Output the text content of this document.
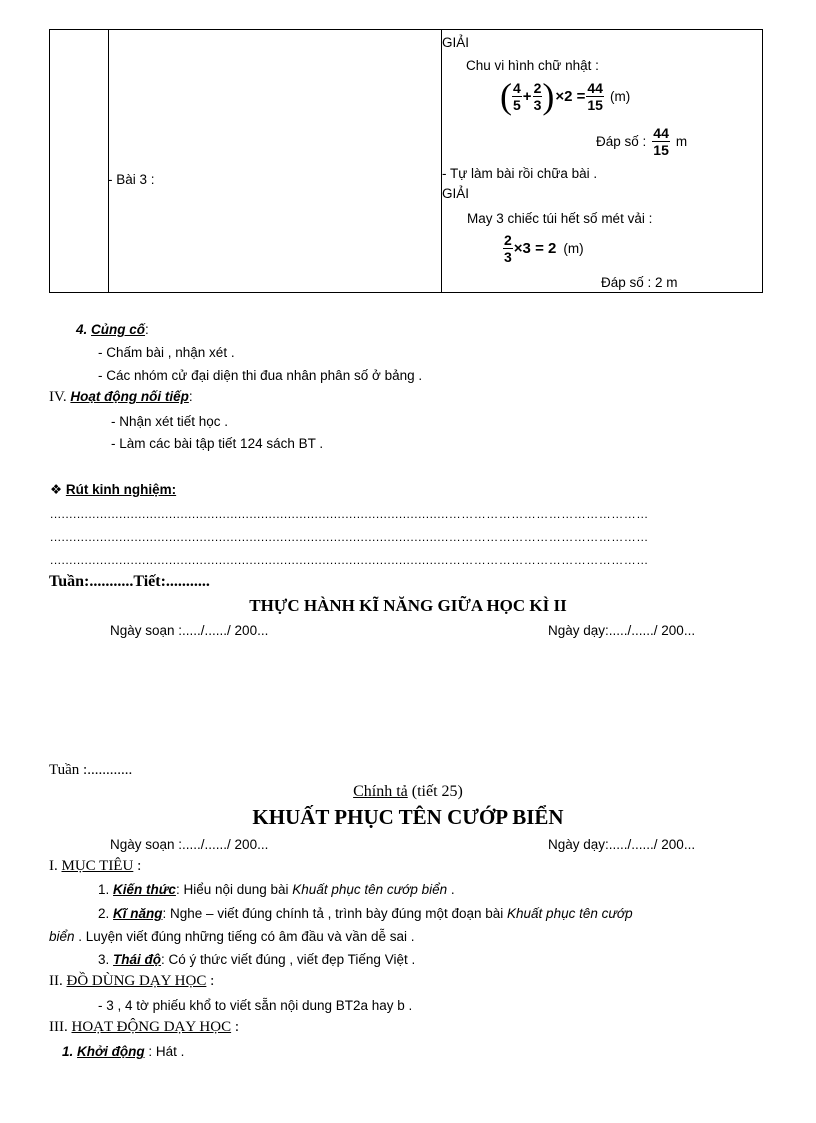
- Bài 3 :
GIẢI
Chu vi hình chữ nhật :
( $\frac{4}{5} + \frac{2}{3}$ ) $\times 2 = \frac{44}{15} (m)$
Đáp số : $\frac{44}{15}$ m
- Tự làm bài rồi chữa bài .
GIẢI
May 3 chiếc túi hết số mét vải :
$\frac{2}{3} \times 3 = 2$ (m)
Đáp số : 2 m
4. Củng cố:
- Chấm bài , nhận xét .
- Các nhóm cử đại diện thi đua nhân phân số ở bảng .
IV. Hoạt động nối tiếp:
- Nhận xét tiết học .
- Làm các bài tập tiết 124 sách BT .
❖ Rút kinh nghiệm:
........................................................................................................…………………………………………
........................................................................................................…………………………………………
........................................................................................................…………………………………………
Tuần:...........Tiết:...........
THỰC HÀNH KĨ NĂNG GIỮA HỌC KÌ II
Ngày soạn :...../....../ 200...	Ngày dạy:...../....../ 200...
Tuần :............
Chính tả (tiết 25)
KHUẤT PHỤC TÊN CƯỚP BIỂN
Ngày soạn :...../....../ 200...	Ngày dạy:...../....../ 200...
I. MỤC TIÊU :
1. Kiến thức: Hiểu nội dung bài Khuất phục tên cướp biển .
2. Kĩ năng: Nghe – viết đúng chính tả , trình bày đúng một đoạn bài Khuất phục tên cướp
biển . Luyện viết đúng những tiếng có âm đầu và vần dễ sai .
3. Thái độ: Có ý thức viết đúng , viết đẹp Tiếng Việt .
II. ĐỒ DÙNG DẠY HỌC :
- 3 , 4 tờ phiếu khổ to viết sẵn nội dung BT2a hay b .
III. HOẠT ĐỘNG DẠY HỌC :
1. Khởi động : Hát .
